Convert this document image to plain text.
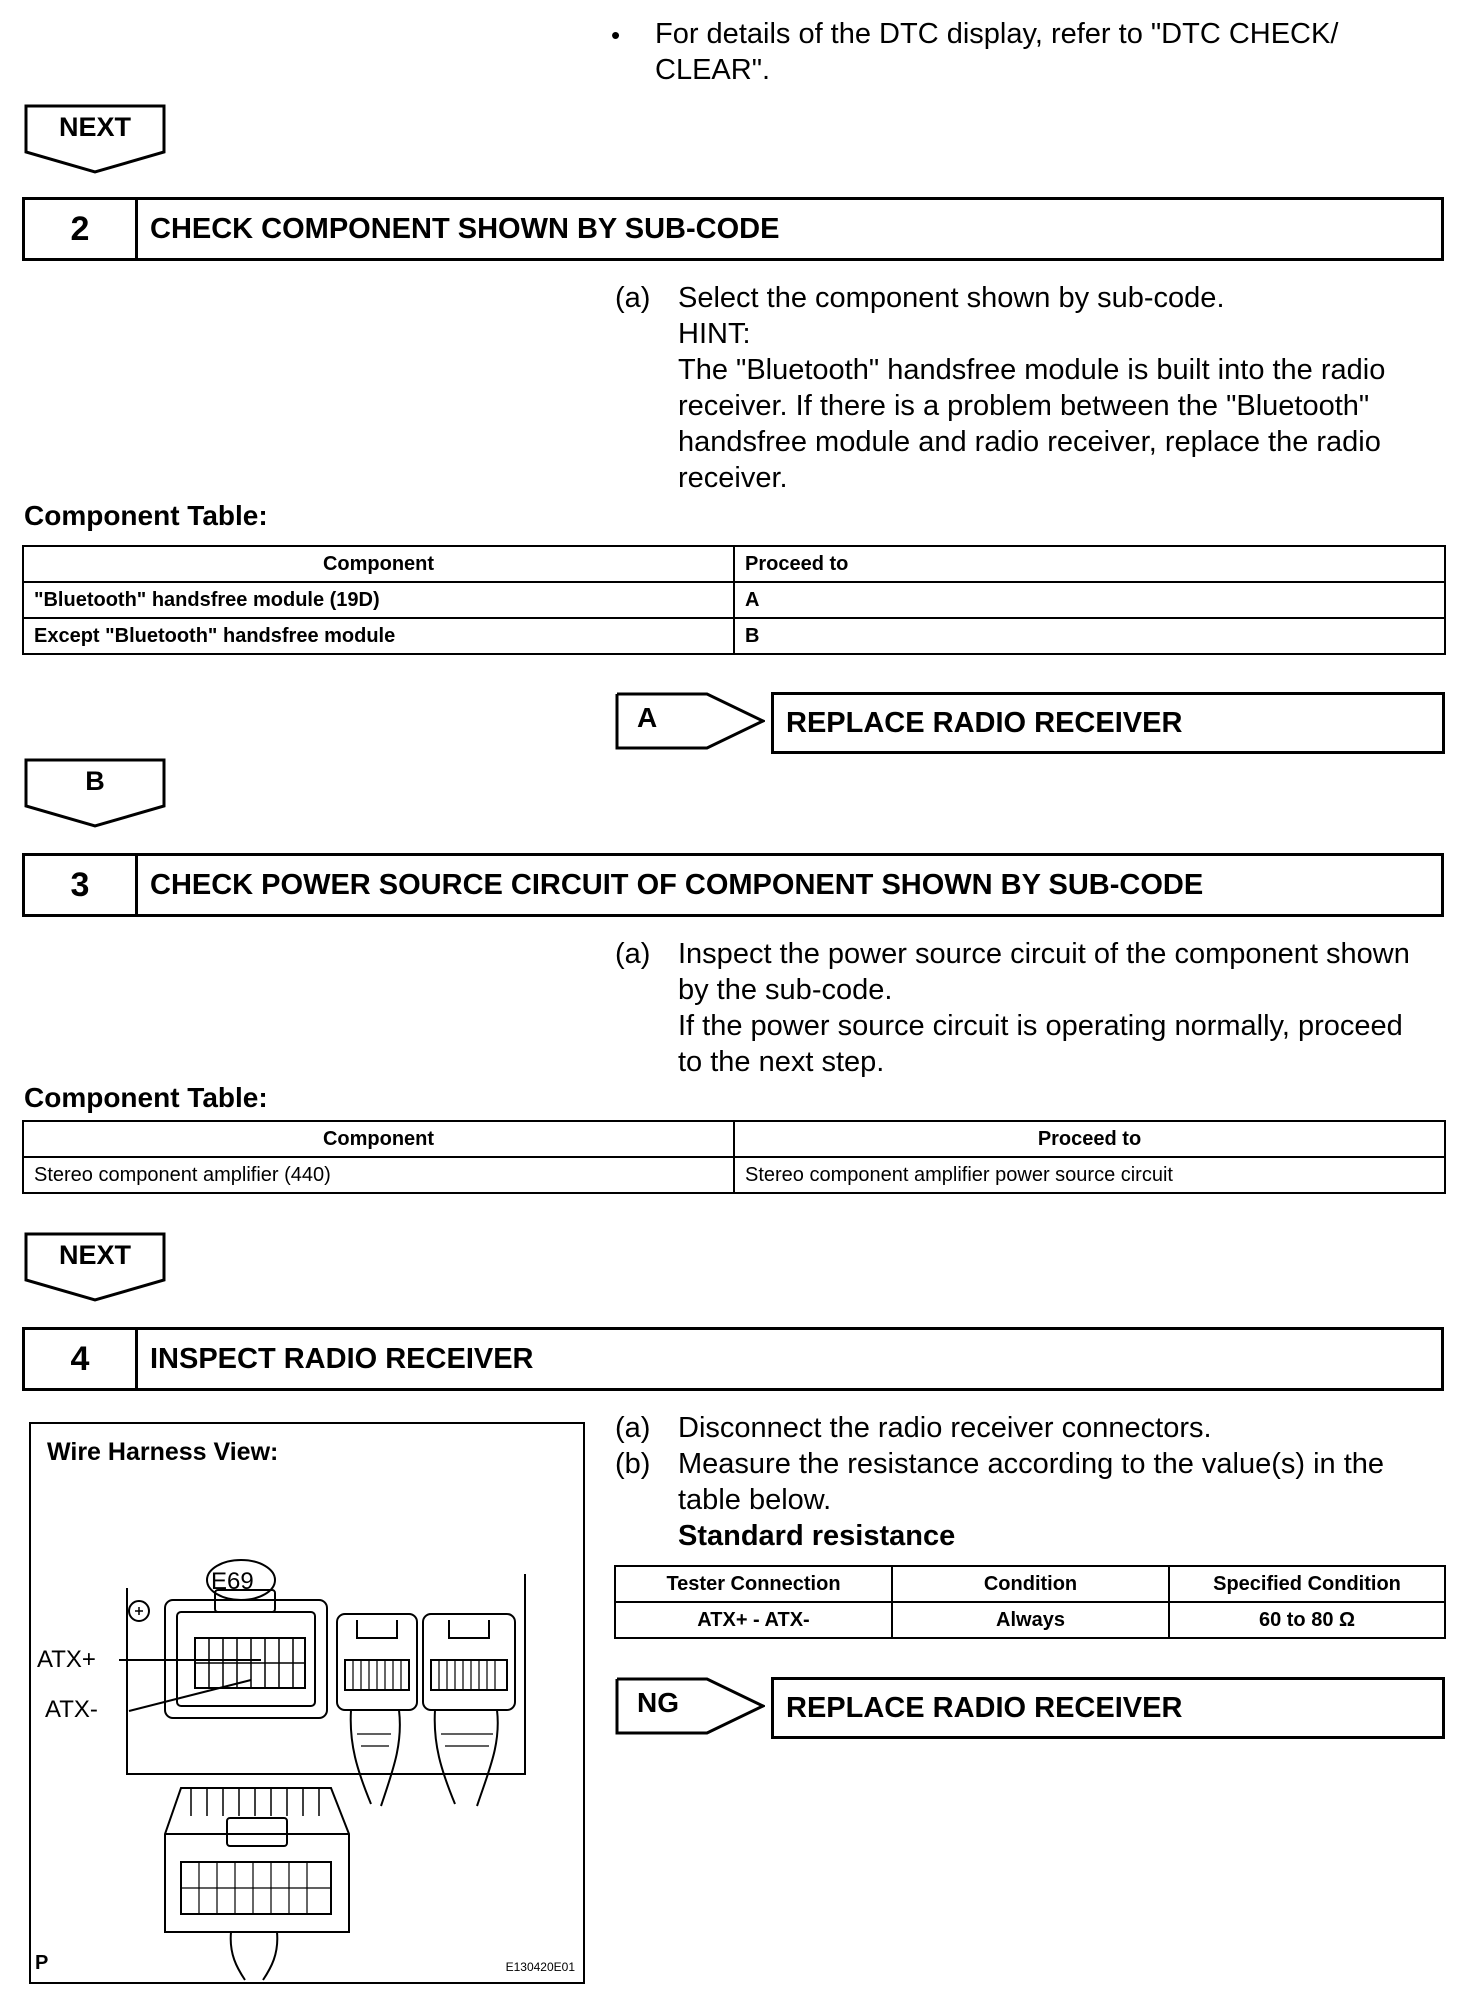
• For details of the DTC display, refer to "DTC CHECK/
CLEAR".
NEXT
2	CHECK COMPONENT SHOWN BY SUB-CODE
(a) Select the component shown by sub-code.
HINT:
The "Bluetooth" handsfree module is built into the radio
receiver. If there is a problem between the "Bluetooth"
handsfree module and radio receiver, replace the radio
receiver.
Component Table:
Component	Proceed to
"Bluetooth" handsfree module (19D)	A
Except "Bluetooth" handsfree module	B
A	REPLACE RADIO RECEIVER
B
3	CHECK POWER SOURCE CIRCUIT OF COMPONENT SHOWN BY SUB-CODE
(a) Inspect the power source circuit of the component shown
by the sub-code.
If the power source circuit is operating normally, proceed
to the next step.
Component Table:
Component	Proceed to
Stereo component amplifier (440)	Stereo component amplifier power source circuit
NEXT
4	INSPECT RADIO RECEIVER
(a) Disconnect the radio receiver connectors.
(b) Measure the resistance according to the value(s) in the
table below.
Standard resistance
Tester Connection	Condition	Specified Condition
ATX+ - ATX-	Always	60 to 80 Ω
NG	REPLACE RADIO RECEIVER
Wire Harness View:
E69
ATX+
ATX-
P	E130420E01
